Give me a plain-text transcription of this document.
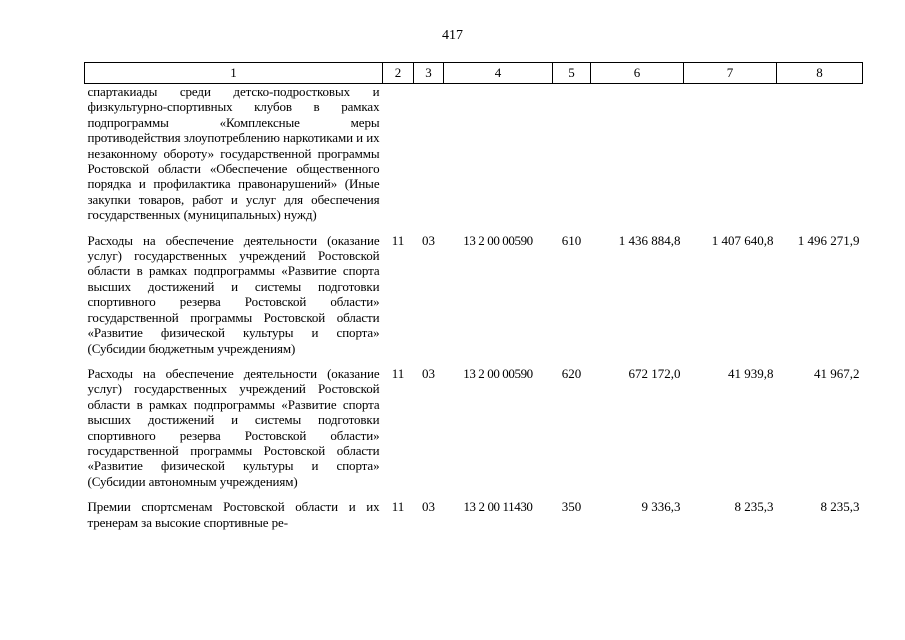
417
1	2	3	4	5	6	7	8
спартакиады среди детско-подростковых и физкультурно-спортивных клубов в рамках подпрограммы «Комплексные меры противодействия злоупотреблению наркотиками и их незаконному обороту» государственной программы Ростовской области «Обеспечение общественного порядка и профилактика правонарушений» (Иные закупки товаров, работ и услуг для обеспечения государственных (муниципальных) нужд)							

Расходы на обеспечение деятельности (оказание услуг) государственных учреждений Ростовской области в рамках подпрограммы «Развитие спорта высших достижений и системы подготовки спортивного резерва Ростовской области» государственной программы Ростовской области «Развитие физической культуры и спорта» (Субсидии бюджетным учреждениям)	11	03	13 2 00 00590	610	1 436 884,8	1 407 640,8	1 496 271,9

Расходы на обеспечение деятельности (оказание услуг) государственных учреждений Ростовской области в рамках подпрограммы «Развитие спорта высших достижений и системы подготовки спортивного резерва Ростовской области» государственной программы Ростовской области «Развитие физической культуры и спорта» (Субсидии автономным учреждениям)	11	03	13 2 00 00590	620	672 172,0	41 939,8	41 967,2

Премии спортсменам Ростовской области и их тренерам за высокие спортивные ре-	11	03	13 2 00 11430	350	9 336,3	8 235,3	8 235,3
